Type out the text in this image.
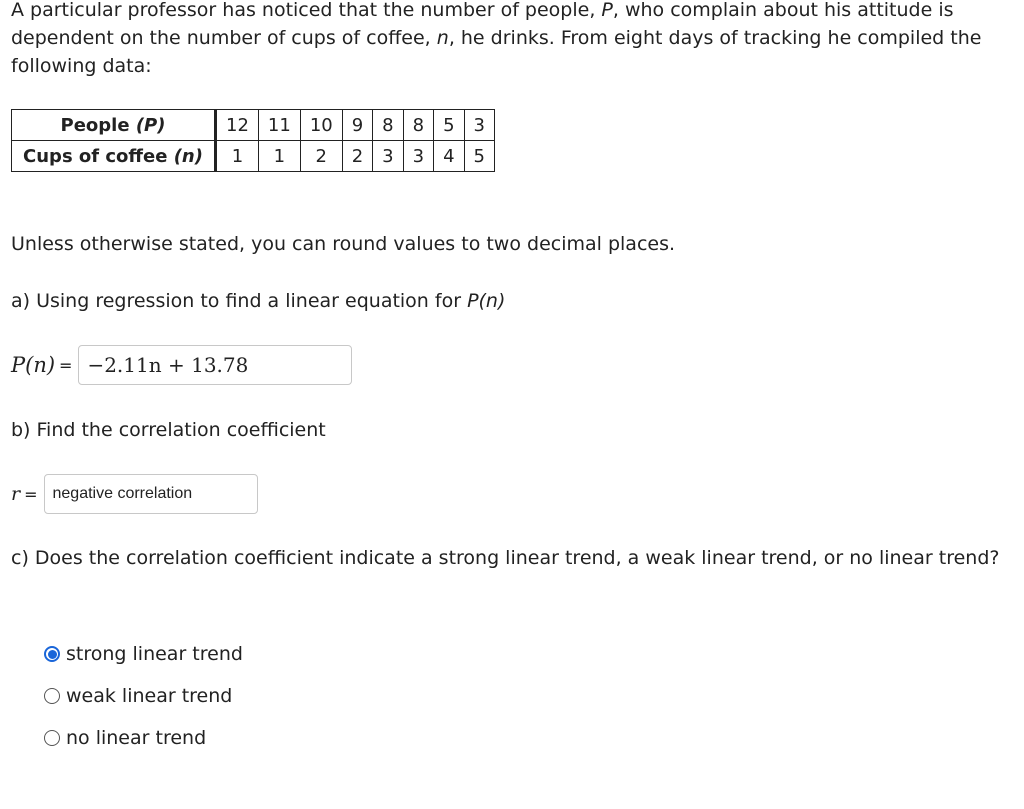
A particular professor has noticed that the number of people, P, who complain about his attitude is dependent on the number of cups of coffee, n, he drinks. From eight days of tracking he compiled the following data:

People (P)	12	11	10	9	8	8	5	3
Cups of coffee (n)	1	1	2	2	3	3	4	5

Unless otherwise stated, you can round values to two decimal places.

a) Using regression to find a linear equation for P(n)

P(n) = −2.11n + 13.78

b) Find the correlation coefficient

r = negative correlation

c) Does the correlation coefficient indicate a strong linear trend, a weak linear trend, or no linear trend?

strong linear trend
weak linear trend
no linear trend
